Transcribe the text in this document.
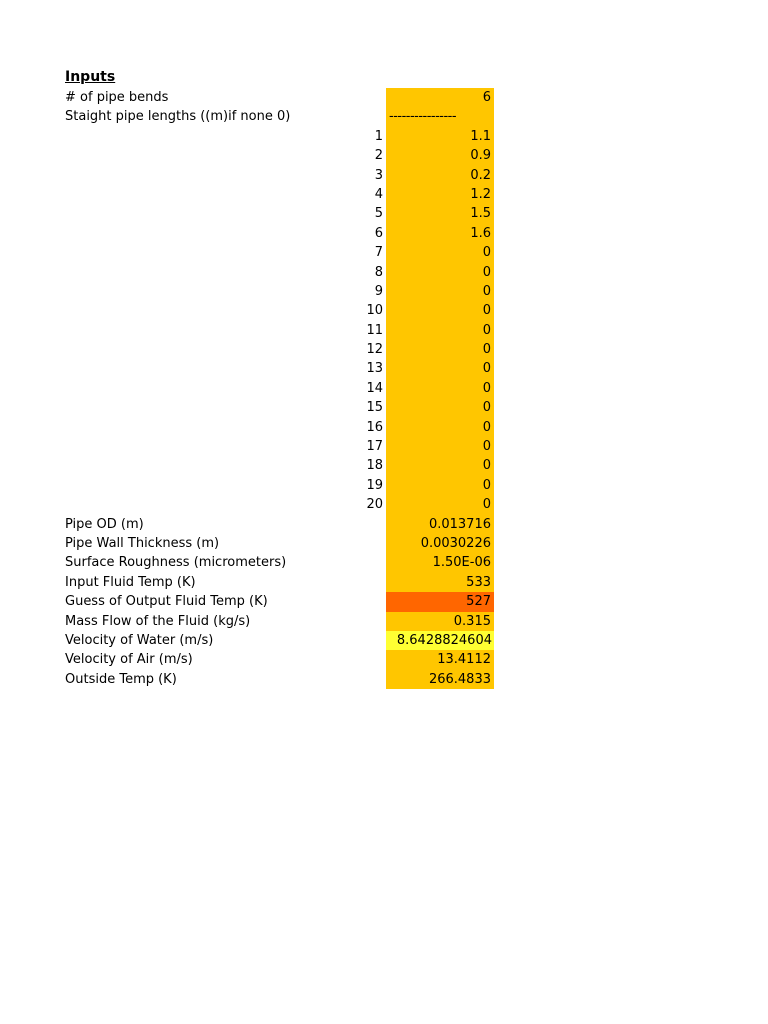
Inputs
# of pipe bends	6
Staight pipe lengths ((m)if none 0)	----------------
1	1.1
2	0.9
3	0.2
4	1.2
5	1.5
6	1.6
7	0
8	0
9	0
10	0
11	0
12	0
13	0
14	0
15	0
16	0
17	0
18	0
19	0
20	0
Pipe OD (m)	0.013716
Pipe Wall Thickness (m)	0.0030226
Surface Roughness (micrometers)	1.50E-06
Input Fluid Temp (K)	533
Guess of Output Fluid Temp (K)	527
Mass Flow of the Fluid (kg/s)	0.315
Velocity of Water (m/s)	8.6428824604
Velocity of Air (m/s)	13.4112
Outside Temp (K)	266.4833
